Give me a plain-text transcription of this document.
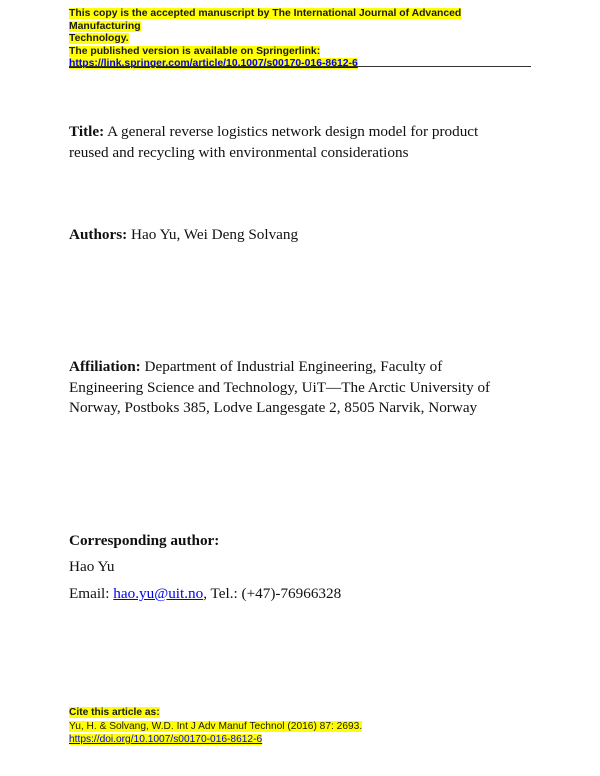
This copy is the accepted manuscript by The International Journal of Advanced Manufacturing
Technology.
The published version is available on Springerlink:
https://link.springer.com/article/10.1007/s00170-016-8612-6
Title: A general reverse logistics network design model for product
reused and recycling with environmental considerations
Authors: Hao Yu, Wei Deng Solvang
Affiliation: Department of Industrial Engineering, Faculty of
Engineering Science and Technology, UiT—The Arctic University of
Norway, Postboks 385, Lodve Langesgate 2, 8505 Narvik, Norway
Corresponding author:
Hao Yu
Email: hao.yu@uit.no, Tel.: (+47)-76966328
Cite this article as:
Yu, H. & Solvang, W.D. Int J Adv Manuf Technol (2016) 87: 2693.
https://doi.org/10.1007/s00170-016-8612-6
